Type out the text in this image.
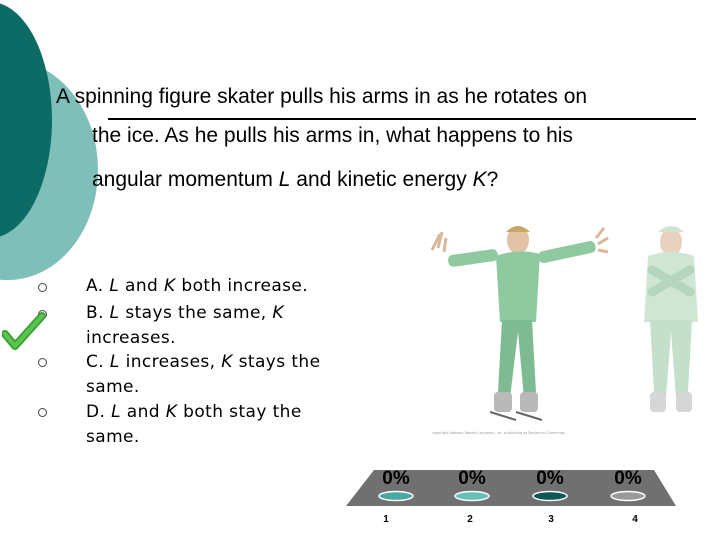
A spinning figure skater pulls his arms in as he rotates on
the ice. As he pulls his arms in, what happens to his
angular momentum L and kinetic energy K?
A. L and K both increase.
B. L stays the same, K increases.
C. L increases, K stays the same.
D. L and K both stay the same.	copyright Addison Wesley Longman, Inc. publishing as Benjamin Cummings
0%	0%	0%	0%
1	2	3	4
